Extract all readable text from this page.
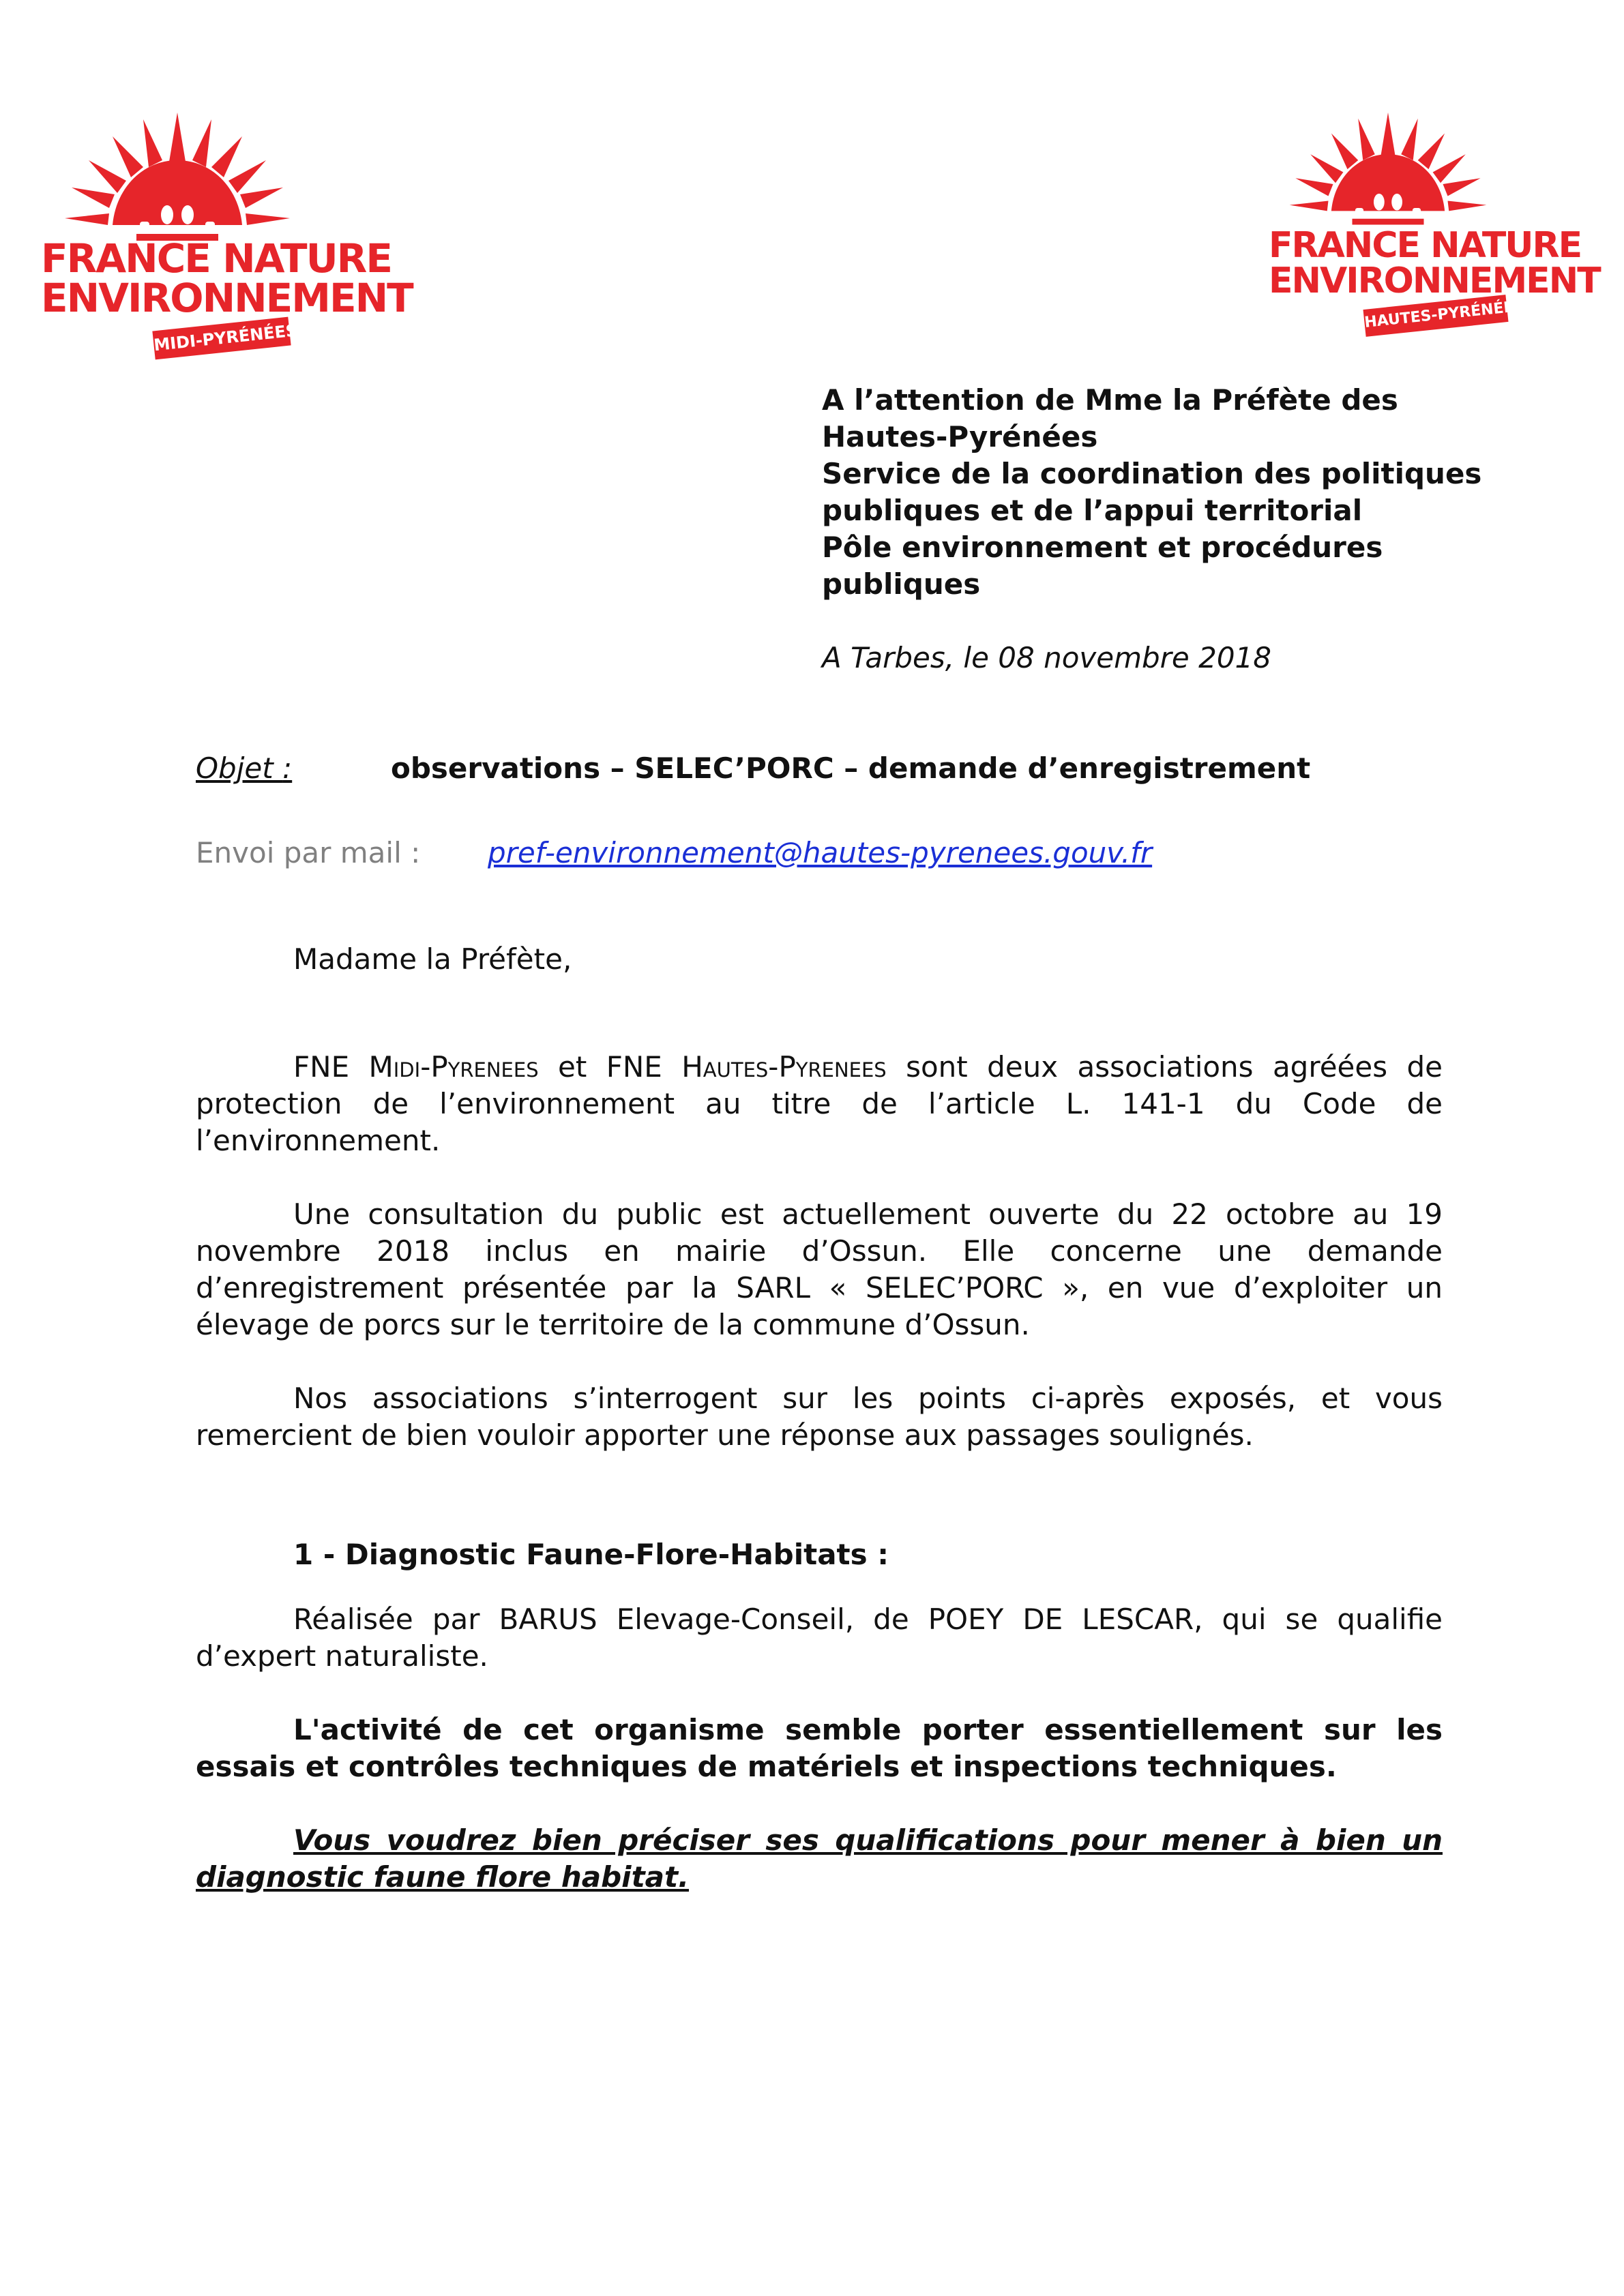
FRANCE NATURE
ENVIRONNEMENT
MIDI-PYRÉNÉES
FRANCE NATURE
ENVIRONNEMENT
HAUTES-PYRÉNÉES
A l’attention de Mme la Préfète des
Hautes-Pyrénées
Service de la coordination des politiques
publiques et de l’appui territorial
Pôle environnement et procédures
publiques
A Tarbes, le 08 novembre 2018
Objet :	observations – SELEC’PORC – demande d’enregistrement
Envoi par mail : pref-environnement@hautes-pyrenees.gouv.fr
Madame la Préfète,
FNE Midi-Pyrenees et FNE Hautes-Pyrenees sont deux associations agréées de protection de l’environnement au titre de l’article L. 141-1 du Code de l’environnement.
Une consultation du public est actuellement ouverte du 22 octobre au 19 novembre 2018 inclus en mairie d’Ossun. Elle concerne une demande d’enregistrement présentée par la SARL « SELEC’PORC », en vue d’exploiter un élevage de porcs sur le territoire de la commune d’Ossun.
Nos associations s’interrogent sur les points ci-après exposés, et vous remercient de bien vouloir apporter une réponse aux passages soulignés.
1 - Diagnostic Faune-Flore-Habitats :
Réalisée par BARUS Elevage-Conseil, de POEY DE LESCAR, qui se qualifie d’expert naturaliste.
L'activité de cet organisme semble porter essentiellement sur les essais et contrôles techniques de matériels et inspections techniques.
Vous voudrez bien préciser ses qualifications pour mener à bien un diagnostic faune flore habitat.
